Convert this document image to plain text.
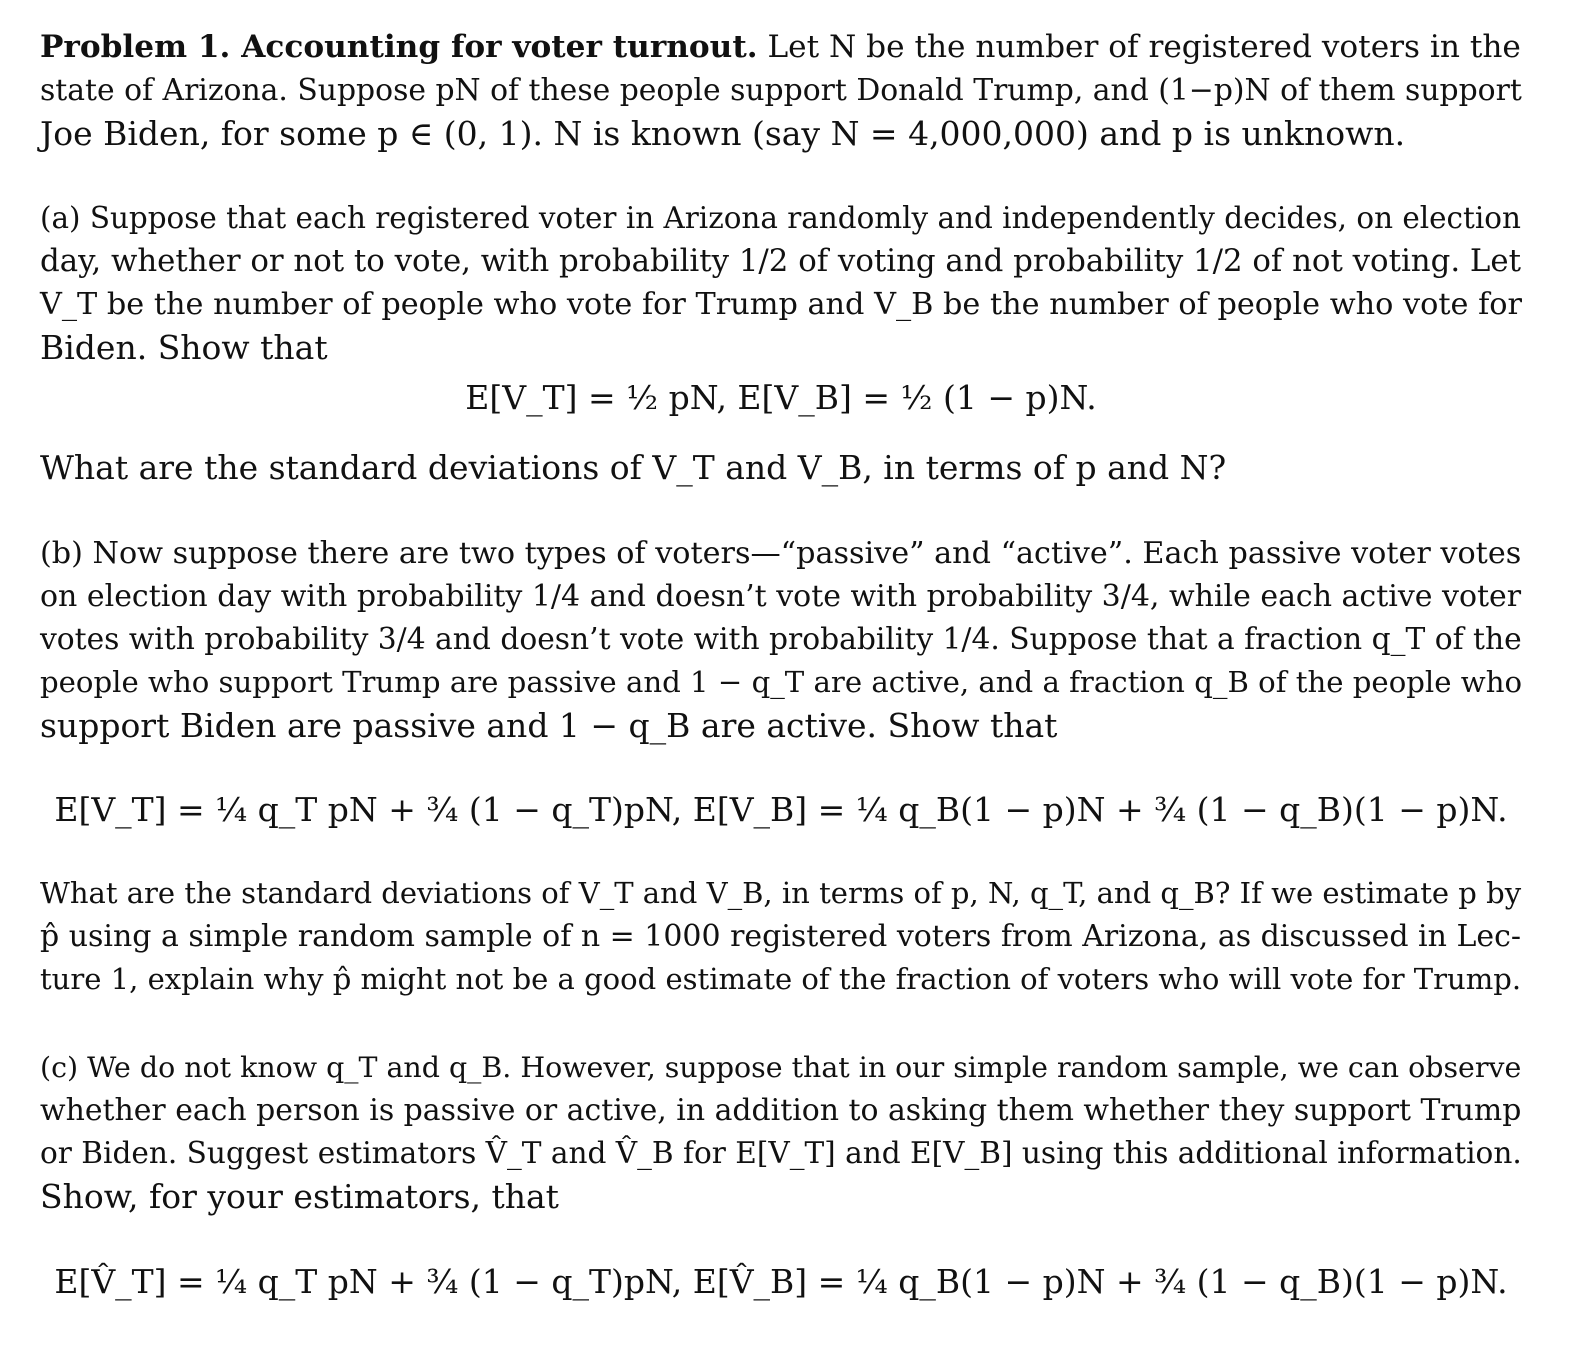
Problem 1. Accounting for voter turnout. Let N be the number of registered voters in the
state of Arizona. Suppose pN of these people support Donald Trump, and (1−p)N of them support
Joe Biden, for some p ∈ (0, 1). N is known (say N = 4,000,000) and p is unknown.
(a) Suppose that each registered voter in Arizona randomly and independently decides, on election
day, whether or not to vote, with probability 1/2 of voting and probability 1/2 of not voting. Let
V_T be the number of people who vote for Trump and V_B be the number of people who vote for
Biden. Show that
E[V_T] = ½ pN, E[V_B] = ½ (1 − p)N.
What are the standard deviations of V_T and V_B, in terms of p and N?
(b) Now suppose there are two types of voters—“passive” and “active”. Each passive voter votes
on election day with probability 1/4 and doesn’t vote with probability 3/4, while each active voter
votes with probability 3/4 and doesn’t vote with probability 1/4. Suppose that a fraction q_T of the
people who support Trump are passive and 1 − q_T are active, and a fraction q_B of the people who
support Biden are passive and 1 − q_B are active. Show that
E[V_T] = ¼ q_T pN + ¾ (1 − q_T)pN, E[V_B] = ¼ q_B(1 − p)N + ¾ (1 − q_B)(1 − p)N.
What are the standard deviations of V_T and V_B, in terms of p, N, q_T, and q_B? If we estimate p by
p̂ using a simple random sample of n = 1000 registered voters from Arizona, as discussed in Lec-
ture 1, explain why p̂ might not be a good estimate of the fraction of voters who will vote for Trump.
(c) We do not know q_T and q_B. However, suppose that in our simple random sample, we can observe
whether each person is passive or active, in addition to asking them whether they support Trump
or Biden. Suggest estimators V̂_T and V̂_B for E[V_T] and E[V_B] using this additional information.
Show, for your estimators, that
E[V̂_T] = ¼ q_T pN + ¾ (1 − q_T)pN, E[V̂_B] = ¼ q_B(1 − p)N + ¾ (1 − q_B)(1 − p)N.
